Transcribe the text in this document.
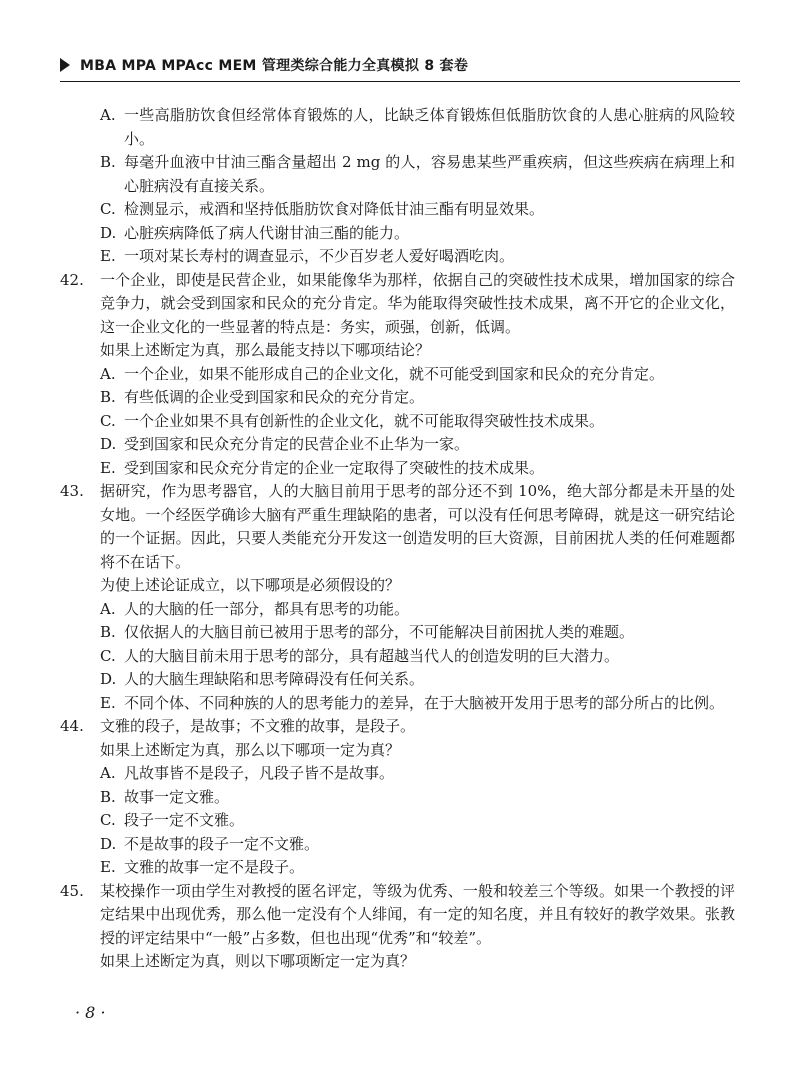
MBA MPA MPAcc MEM 管理类综合能力全真模拟 8 套卷
A. 一些高脂肪饮食但经常体育锻炼的人，比缺乏体育锻炼但低脂肪饮食的人患心脏病的风险较小。
B. 每毫升血液中甘油三酯含量超出 2 mg 的人，容易患某些严重疾病，但这些疾病在病理上和心脏病没有直接关系。
C. 检测显示，戒酒和坚持低脂肪饮食对降低甘油三酯有明显效果。
D. 心脏疾病降低了病人代谢甘油三酯的能力。
E. 一项对某长寿村的调查显示，不少百岁老人爱好喝酒吃肉。
42.	一个企业，即使是民营企业，如果能像华为那样，依据自己的突破性技术成果，增加国家的综合竞争力，就会受到国家和民众的充分肯定。华为能取得突破性技术成果，离不开它的企业文化，这一企业文化的一些显著的特点是：务实，顽强，创新，低调。
如果上述断定为真，那么最能支持以下哪项结论？
A. 一个企业，如果不能形成自己的企业文化，就不可能受到国家和民众的充分肯定。
B. 有些低调的企业受到国家和民众的充分肯定。
C. 一个企业如果不具有创新性的企业文化，就不可能取得突破性技术成果。
D. 受到国家和民众充分肯定的民营企业不止华为一家。
E. 受到国家和民众充分肯定的企业一定取得了突破性的技术成果。
43.	据研究，作为思考器官，人的大脑目前用于思考的部分还不到 10%，绝大部分都是未开垦的处女地。一个经医学确诊大脑有严重生理缺陷的患者，可以没有任何思考障碍，就是这一研究结论的一个证据。因此，只要人类能充分开发这一创造发明的巨大资源，目前困扰人类的任何难题都将不在话下。
为使上述论证成立，以下哪项是必须假设的？
A. 人的大脑的任一部分，都具有思考的功能。
B. 仅依据人的大脑目前已被用于思考的部分，不可能解决目前困扰人类的难题。
C. 人的大脑目前未用于思考的部分，具有超越当代人的创造发明的巨大潜力。
D. 人的大脑生理缺陷和思考障碍没有任何关系。
E. 不同个体、不同种族的人的思考能力的差异，在于大脑被开发用于思考的部分所占的比例。
44.	文雅的段子，是故事；不文雅的故事，是段子。
如果上述断定为真，那么以下哪项一定为真？
A. 凡故事皆不是段子，凡段子皆不是故事。
B. 故事一定文雅。
C. 段子一定不文雅。
D. 不是故事的段子一定不文雅。
E. 文雅的故事一定不是段子。
45.	某校操作一项由学生对教授的匿名评定，等级为优秀、一般和较差三个等级。如果一个教授的评定结果中出现优秀，那么他一定没有个人绯闻，有一定的知名度，并且有较好的教学效果。张教授的评定结果中“一般”占多数，但也出现“优秀”和“较差”。
如果上述断定为真，则以下哪项断定一定为真？
· 8 ·
